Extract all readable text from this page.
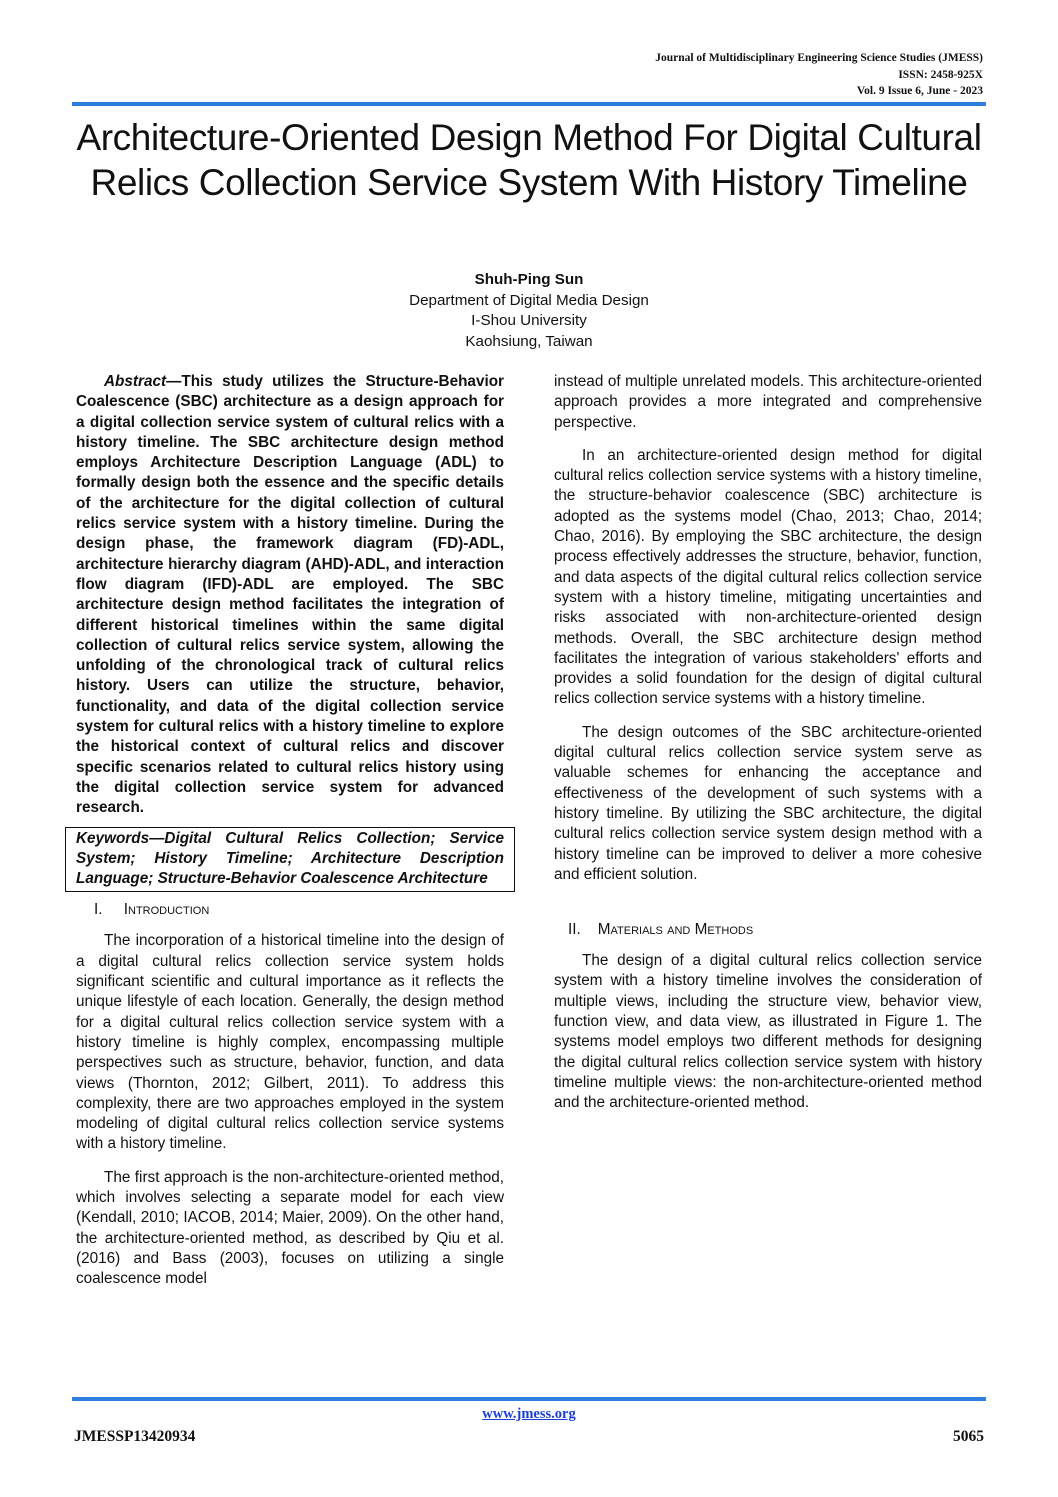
Journal of Multidisciplinary Engineering Science Studies (JMESS)
ISSN: 2458-925X
Vol. 9 Issue 6, June - 2023
Architecture-Oriented Design Method For Digital Cultural Relics Collection Service System With History Timeline
Shuh-Ping Sun
Department of Digital Media Design
I-Shou University
Kaohsiung, Taiwan

Abstract—This study utilizes the Structure-Behavior Coalescence (SBC) architecture as a design approach for a digital collection service system of cultural relics with a history timeline. The SBC architecture design method employs Architecture Description Language (ADL) to formally design both the essence and the specific details of the architecture for the digital collection of cultural relics service system with a history timeline. During the design phase, the framework diagram (FD)-ADL, architecture hierarchy diagram (AHD)-ADL, and interaction flow diagram (IFD)-ADL are employed. The SBC architecture design method facilitates the integration of different historical timelines within the same digital collection of cultural relics service system, allowing the unfolding of the chronological track of cultural relics history. Users can utilize the structure, behavior, functionality, and data of the digital collection service system for cultural relics with a history timeline to explore the historical context of cultural relics and discover specific scenarios related to cultural relics history using the digital collection service system for advanced research.

Keywords—Digital Cultural Relics Collection; Service System; History Timeline; Architecture Description Language; Structure-Behavior Coalescence Architecture

I. Introduction

The incorporation of a historical timeline into the design of a digital cultural relics collection service system holds significant scientific and cultural importance as it reflects the unique lifestyle of each location. Generally, the design method for a digital cultural relics collection service system with a history timeline is highly complex, encompassing multiple perspectives such as structure, behavior, function, and data views (Thornton, 2012; Gilbert, 2011). To address this complexity, there are two approaches employed in the system modeling of digital cultural relics collection service systems with a history timeline.

The first approach is the non-architecture-oriented method, which involves selecting a separate model for each view (Kendall, 2010; IACOB, 2014; Maier, 2009). On the other hand, the architecture-oriented method, as described by Qiu et al. (2016) and Bass (2003), focuses on utilizing a single coalescence model

instead of multiple unrelated models. This architecture-oriented approach provides a more integrated and comprehensive perspective.

In an architecture-oriented design method for digital cultural relics collection service systems with a history timeline, the structure-behavior coalescence (SBC) architecture is adopted as the systems model (Chao, 2013; Chao, 2014; Chao, 2016). By employing the SBC architecture, the design process effectively addresses the structure, behavior, function, and data aspects of the digital cultural relics collection service system with a history timeline, mitigating uncertainties and risks associated with non-architecture-oriented design methods. Overall, the SBC architecture design method facilitates the integration of various stakeholders' efforts and provides a solid foundation for the design of digital cultural relics collection service systems with a history timeline.

The design outcomes of the SBC architecture-oriented digital cultural relics collection service system serve as valuable schemes for enhancing the acceptance and effectiveness of the development of such systems with a history timeline. By utilizing the SBC architecture, the digital cultural relics collection service system design method with a history timeline can be improved to deliver a more cohesive and efficient solution.

II. Materials and Methods

The design of a digital cultural relics collection service system with a history timeline involves the consideration of multiple views, including the structure view, behavior view, function view, and data view, as illustrated in Figure 1. The systems model employs two different methods for designing the digital cultural relics collection service system with history timeline multiple views: the non-architecture-oriented method and the architecture-oriented method.

www.jmess.org
JMESSP13420934	5065
